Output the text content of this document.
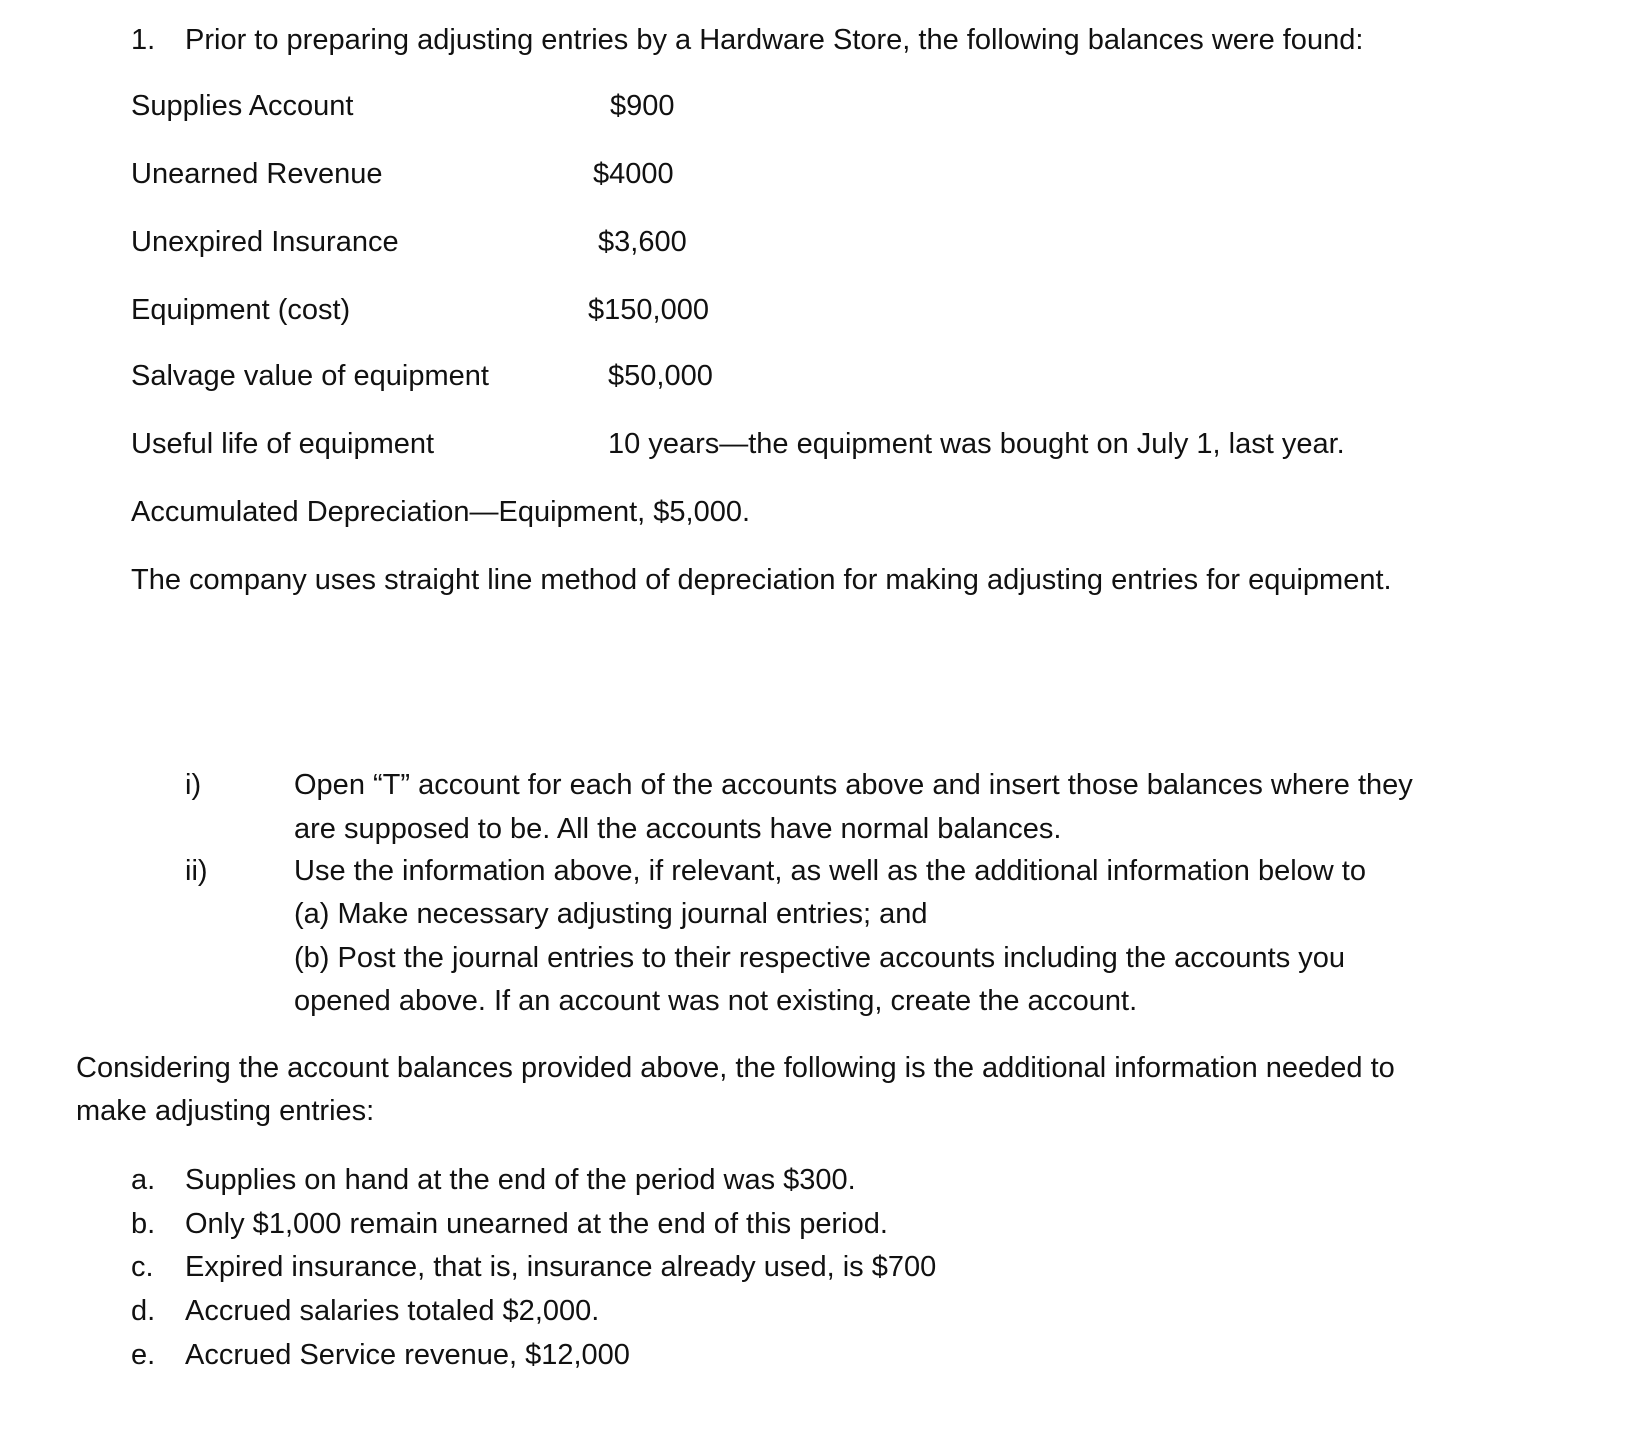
1. Prior to preparing adjusting entries by a Hardware Store, the following balances were found:
Supplies Account	$900
Unearned Revenue	$4000
Unexpired Insurance	$3,600
Equipment (cost)	$150,000
Salvage value of equipment	$50,000
Useful life of equipment	10 years—the equipment was bought on July 1, last year.
Accumulated Depreciation—Equipment, $5,000.
The company uses straight line method of depreciation for making adjusting entries for equipment.
i)	Open “T” account for each of the accounts above and insert those balances where they
are supposed to be. All the accounts have normal balances.
ii)	Use the information above, if relevant, as well as the additional information below to
(a) Make necessary adjusting journal entries; and
(b) Post the journal entries to their respective accounts including the accounts you
opened above. If an account was not existing, create the account.
Considering the account balances provided above, the following is the additional information needed to
make adjusting entries:
a. Supplies on hand at the end of the period was $300.
b. Only $1,000 remain unearned at the end of this period.
c. Expired insurance, that is, insurance already used, is $700
d. Accrued salaries totaled $2,000.
e. Accrued Service revenue, $12,000
